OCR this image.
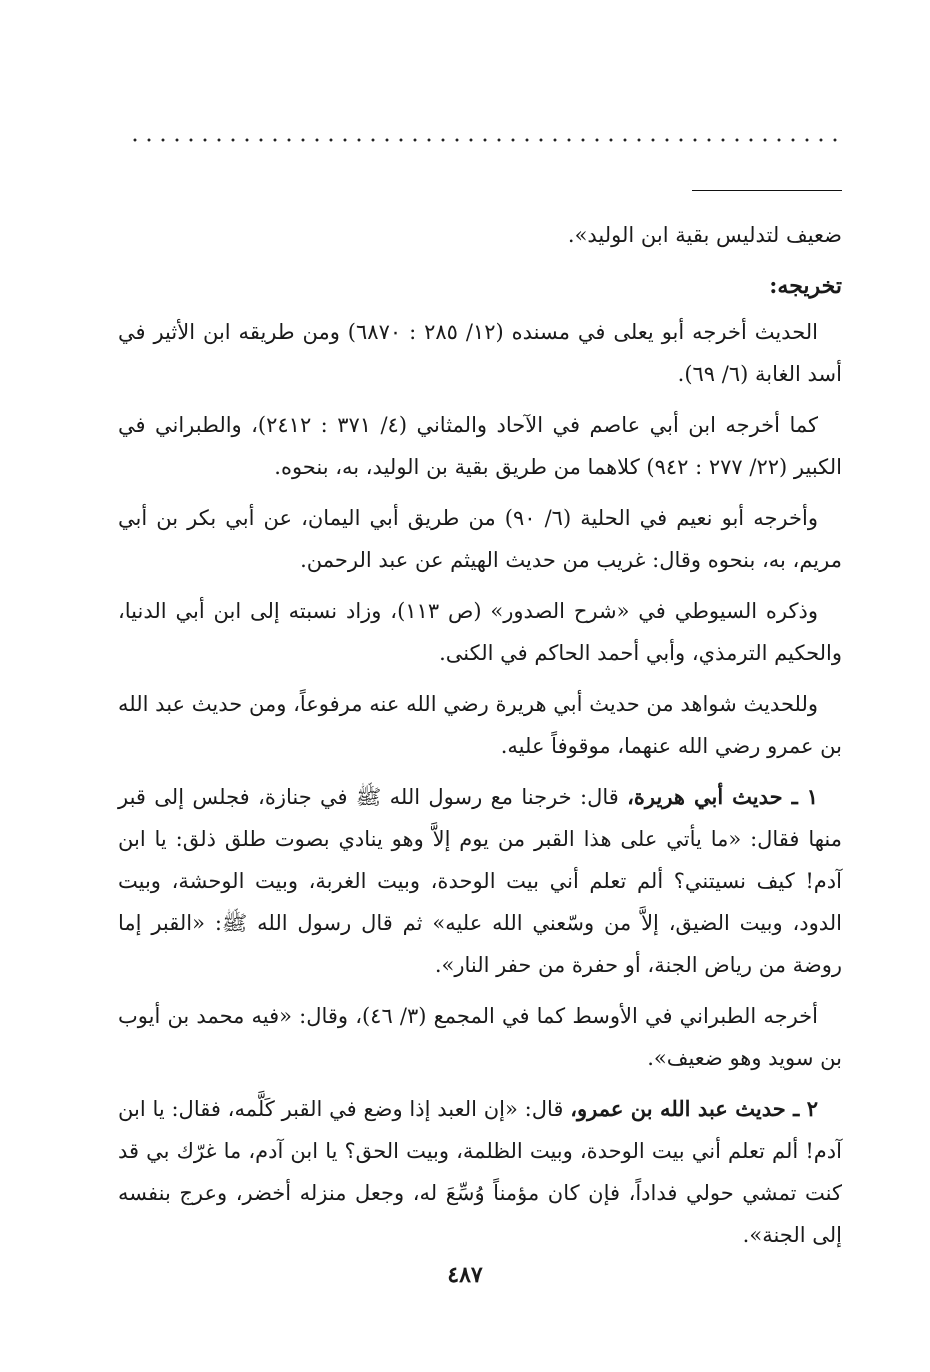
ضعيف لتدليس بقية ابن الوليد».

تخريجه:

الحديث أخرجه أبو يعلى في مسنده (١٢/ ٢٨٥ : ٦٨٧٠) ومن طريقه ابن الأثير في أسد الغابة (٦/ ٦٩).

كما أخرجه ابن أبي عاصم في الآحاد والمثاني (٤/ ٣٧١ : ٢٤١٢)، والطبراني في الكبير (٢٢/ ٢٧٧ : ٩٤٢) كلاهما من طريق بقية بن الوليد، به، بنحوه.

وأخرجه أبو نعيم في الحلية (٦/ ٩٠) من طريق أبي اليمان، عن أبي بكر بن أبي مريم، به، بنحوه وقال: غريب من حديث الهيثم عن عبد الرحمن.

وذكره السيوطي في «شرح الصدور» (ص ١١٣)، وزاد نسبته إلى ابن أبي الدنيا، والحكيم الترمذي، وأبي أحمد الحاكم في الكنى.

وللحديث شواهد من حديث أبي هريرة رضي الله عنه مرفوعاً، ومن حديث عبد الله بن عمرو رضي الله عنهما، موقوفاً عليه.

١ ـ حديث أبي هريرة، قال: خرجنا مع رسول الله ﷺ في جنازة، فجلس إلى قبر منها فقال: «ما يأتي على هذا القبر من يوم إلاَّ وهو ينادي بصوت طلق ذلق: يا ابن آدم! كيف نسيتني؟ ألم تعلم أني بيت الوحدة، وبيت الغربة، وبيت الوحشة، وبيت الدود، وبيت الضيق، إلاَّ من وسّعني الله عليه» ثم قال رسول الله ﷺ: «القبر إما روضة من رياض الجنة، أو حفرة من حفر النار».

أخرجه الطبراني في الأوسط كما في المجمع (٣/ ٤٦)، وقال: «فيه محمد بن أيوب بن سويد وهو ضعيف».

٢ ـ حديث عبد الله بن عمرو، قال: «إن العبد إذا وضع في القبر كَلَّمه، فقال: يا ابن آدم! ألم تعلم أني بيت الوحدة، وبيت الظلمة، وبيت الحق؟ يا ابن آدم، ما غرّك بي قد كنت تمشي حولي فداداً، فإن كان مؤمناً وُسِّعَ له، وجعل منزله أخضر، وعرج بنفسه إلى الجنة».

٤٨٧
